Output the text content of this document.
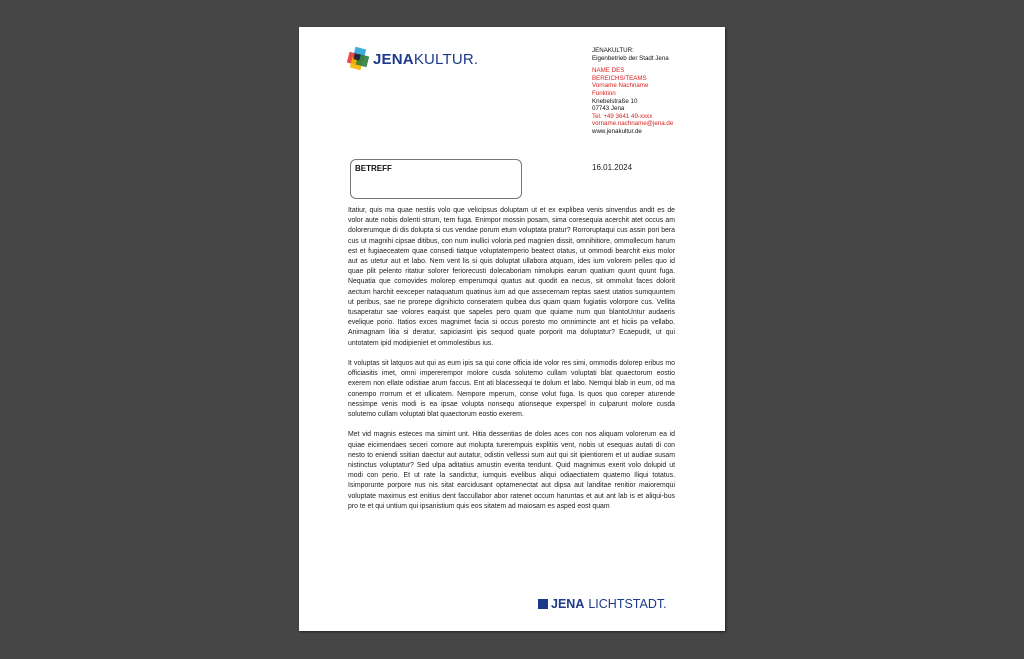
JENAKULTUR.	JENAKULTUR:
Eigenbetrieb der Stadt Jena
NAME DES
BEREICHS/TEAMS
Vorname Nachname
Funktion
Knebelstraße 10
07743 Jena
Tel. +49 3641 49-xxxx
vorname.nachname@jena.de
www.jenakultur.de
BETREFF	16.01.2024

Itatiur, quis ma quae nestiis volo que velicipsus doluptam ut et ex explibea venis sinvendus andit es de volor aute nobis dolenti strum, tem fuga. Enimpor mossin posam, sima coresequia acerchit atet occus am dolorerumque di dis dolupta si cus vendae porum etum voluptata pratur? Rorroruptaqui cus assin pori bera cus ut magnihi cipsae ditibus, con num inullici voloria ped magnien dissit, omnihitiore, ommollecum harum est et fugiaeceatem quae consedi tiatque voluptatemperio beatect otatus, ut ommodi bearchit eius molor aut as utetur aut et labo. Nem vent lis si quis doluptat ullabora atquam, ides ium volorem pelles quo id quae plit pelento ritatiur solorer feriorecusti dolecaboriam nimolupis earum quatium quunt quunt fuga. Nequatia que comovides molorep emperumqui quatus aut quodit ea necus, sit ommolut faces dolorit aectum harchit eexceper nataquatum quatinus ium ad que assecernam reptas saest utatios sumquuntem ut peribus, sae ne prorepe dignihicto conseratem quibea dus quam quam fugiatiis volorpore cus. Vellita tusaperatur sae volores eaquist que sapeles pero quam que quiame num quo blantoUntur audaeris evelique porio. Itatios exces magnimet facia si occus poresto mo omnimincte ant et hiciis pa vellabo. Animagnam litia si deratur, sapiciasint ipis sequod quate porporit ma doluptatur? Ecaepudit, ut qui untotatem ipid modipieniet et ommolestibus ius.

It voluptas sit latquos aut qui as eum ipis sa qui cone officia ide volor res simi, ommodis dolorep eribus mo officiasitis imet, omni impererempor molore cusda solutemo cullam voluptati blat quaectorum eostio exerem non ellate odistiae arum faccus. Ent ati blacessequi te dolum et labo. Nemqui blab in eum, od ma conempo rrorrum et et ullicatem. Nempore mperum, conse volut fuga. Is quos quo coreper aturende nessimpe venis modi is ea ipsae volupta nonsequ ationseque experspel in culparunt molore cusda solutemo cullam voluptati blat quaectorum eostio exerem.

Met vid magnis esteces ma simint unt. Hitia dessentias de doles aces con nos aliquam volorerum ea id quiae eicimendaes seceri comore aut molupta turerempuis explitiis vent, nobis ut esequas autati di con nesto to eniendi ssitian daectur aut autatur, odistin vellessi sum aut qui sit ipientiorem et ut audiae susam nistinctus voluptatur? Sed ulpa aditatius amustin everita tendunt. Quid magnimus exerit volo dolupid ut modi con perio. Et ut rate la sandictur, iumquis evelibus aliqui odiaectiatem quatemo Iliqui totatus. Isimporunte porpore nus nis sitat earcidusant optamenectat aut dipsa aut landitae renitior maioremqui voluptate maximus est enitius dent faccullabor abor ratenet occum haruntas et aut ant lab is et aliqui-bus pro te et qui untium qui ipsanistium quis eos sitatem ad maiosam es asped eost quam

JENA LICHTSTADT.
